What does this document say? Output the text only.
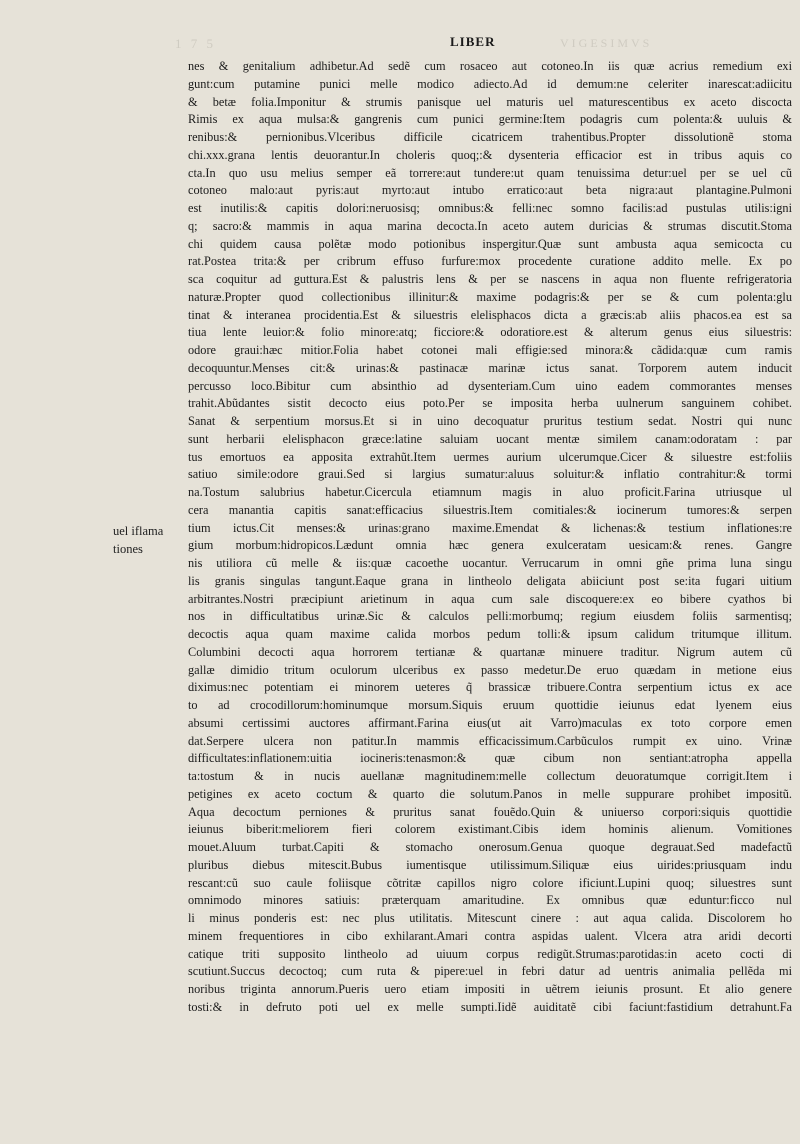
1 7 5	VIGESIMVS
LIBER
uel iflama
tiones
nes & genitalium adhibetur.Ad sedẽ cum rosaceo aut cotoneo.In iis quæ acrius remedium exi
gunt:cum putamine punici melle modico adiecto.Ad id demum:ne celeriter inarescat:adiicitu
& betæ folia.Imponitur & strumis panisque uel maturis uel maturescentibus ex aceto discocta
Rimis ex aqua mulsa:& gangrenis cum punici germine:Item podagris cum polenta:& uuluis &
renibus:& pernionibus.Vlceribus difficile cicatricem trahentibus.Propter dissolutionẽ stoma
chi.xxx.grana lentis deuorantur.In choleris quoq;:& dysenteria efficacior est in tribus aquis co
cta.In quo usu melius semper eã torrere:aut tundere:ut quam tenuissima detur:uel per se uel cũ
cotoneo malo:aut pyris:aut myrto:aut intubo erratico:aut beta nigra:aut plantagine.Pulmoni
est inutilis:& capitis dolori:neruosisq; omnibus:& felli:nec somno facilis:ad pustulas utilis:igni
q; sacro:& mammis in aqua marina decocta.In aceto autem duricias & strumas discutit.Stoma
chi quidem causa polẽtæ modo potionibus inspergitur.Quæ sunt ambusta aqua semicocta cu
rat.Postea trita:& per cribrum effuso furfure:mox procedente curatione addito melle. Ex po
sca coquitur ad guttura.Est & palustris lens & per se nascens in aqua non fluente refrigeratoria
naturæ.Propter quod collectionibus illinitur:& maxime podagris:& per se & cum polenta:glu
tinat & interanea procidentia.Est & siluestris elelisphacos dicta a græcis:ab aliis phacos.ea est sa
tiua lente leuior:& folio minore:atq; ficciore:& odoratiore.est & alterum genus eius siluestris:
odore graui:hæc mitior.Folia habet cotonei mali effigie:sed minora:& cãdida:quæ cum ramis
decoquuntur.Menses cit:& urinas:& pastinacæ marinæ ictus sanat. Torporem autem inducit
percusso loco.Bibitur cum absinthio ad dysenteriam.Cum uino eadem commorantes menses
trahit.Abũdantes sistit decocto eius poto.Per se imposita herba uulnerum sanguinem cohibet.
Sanat & serpentium morsus.Et si in uino decoquatur pruritus testium sedat. Nostri qui nunc
sunt herbarii elelisphacon græce:latine saluiam uocant mentæ similem canam:odoratam : par
tus emortuos ea apposita extrahũt.Item uermes aurium ulcerumque.Cicer & siluestre est:foliis
satiuo simile:odore graui.Sed si largius sumatur:aluus soluitur:& inflatio contrahitur:& tormi
na.Tostum salubrius habetur.Cicercula etiamnum magis in aluo proficit.Farina utriusque ul
cera manantia capitis sanat:efficacius siluestris.Item comitiales:& iocinerum tumores:& serpen
tium ictus.Cit menses:& urinas:grano maxime.Emendat & lichenas:& testium inflationes:re
gium morbum:hidropicos.Lædunt omnia hæc genera exulceratam uesicam:& renes. Gangre
nis utiliora cũ melle & iis:quæ cacoethe uocantur. Verrucarum in omni gñe prima luna singu
lis granis singulas tangunt.Eaque grana in lintheolo deligata abiiciunt post se:ita fugari uitium
arbitrantes.Nostri præcipiunt arietinum in aqua cum sale discoquere:ex eo bibere cyathos bi
nos in difficultatibus urinæ.Sic & calculos pelli:morbumq; regium eiusdem foliis sarmentisq;
decoctis aqua quam maxime calida morbos pedum tolli:& ipsum calidum tritumque illitum.
Columbini decocti aqua horrorem tertianæ & quartanæ minuere traditur. Nigrum autem cũ
gallæ dimidio tritum oculorum ulceribus ex passo medetur.De eruo quædam in metione eius
diximus:nec potentiam ei minorem ueteres q̃ brassicæ tribuere.Contra serpentium ictus ex ace
to ad crocodillorum:hominumque morsum.Siquis eruum quottidie ieiunus edat lyenem eius
absumi certissimi auctores affirmant.Farina eius(ut ait Varro)maculas ex toto corpore emen
dat.Serpere ulcera non patitur.In mammis efficacissimum.Carbũculos rumpit ex uino. Vrinæ
difficultates:inflationem:uitia iocineris:tenasmon:& quæ cibum non sentiant:atropha appella
ta:tostum & in nucis auellanæ magnitudinem:melle collectum deuoratumque corrigit.Item i
petigines ex aceto coctum & quarto die solutum.Panos in melle suppurare prohibet impositũ.
Aqua decoctum perniones & pruritus sanat fouẽdo.Quin & uniuerso corpori:siquis quottidie
ieiunus biberit:meliorem fieri colorem existimant.Cibis idem hominis alienum. Vomitiones
mouet.Aluum turbat.Capiti & stomacho onerosum.Genua quoque degrauat.Sed madefactũ
pluribus diebus mitescit.Bubus iumentisque utilissimum.Siliquæ eius uirides:priusquam indu
rescant:cũ suo caule foliisque cõtritæ capillos nigro colore ificiunt.Lupini quoq; siluestres sunt
omnimodo minores satiuis: præterquam amaritudine. Ex omnibus quæ eduntur:ficco nul
li minus ponderis est: nec plus utilitatis. Mitescunt cinere : aut aqua calida. Discolorem ho
minem frequentiores in cibo exhilarant.Amari contra aspidas ualent. Vlcera atra aridi decorti
catique triti supposito lintheolo ad uiuum corpus redigũt.Strumas:parotidas:in aceto cocti di
scutiunt.Succus decoctoq; cum ruta & pipere:uel in febri datur ad uentris animalia pellẽda mi
noribus triginta annorum.Pueris uero etiam impositi in uẽtrem ieiunis prosunt. Et alio genere
tosti:& in defruto poti uel ex melle sumpti.Iidẽ auiditatẽ cibi faciunt:fastidium detrahunt.Fa
